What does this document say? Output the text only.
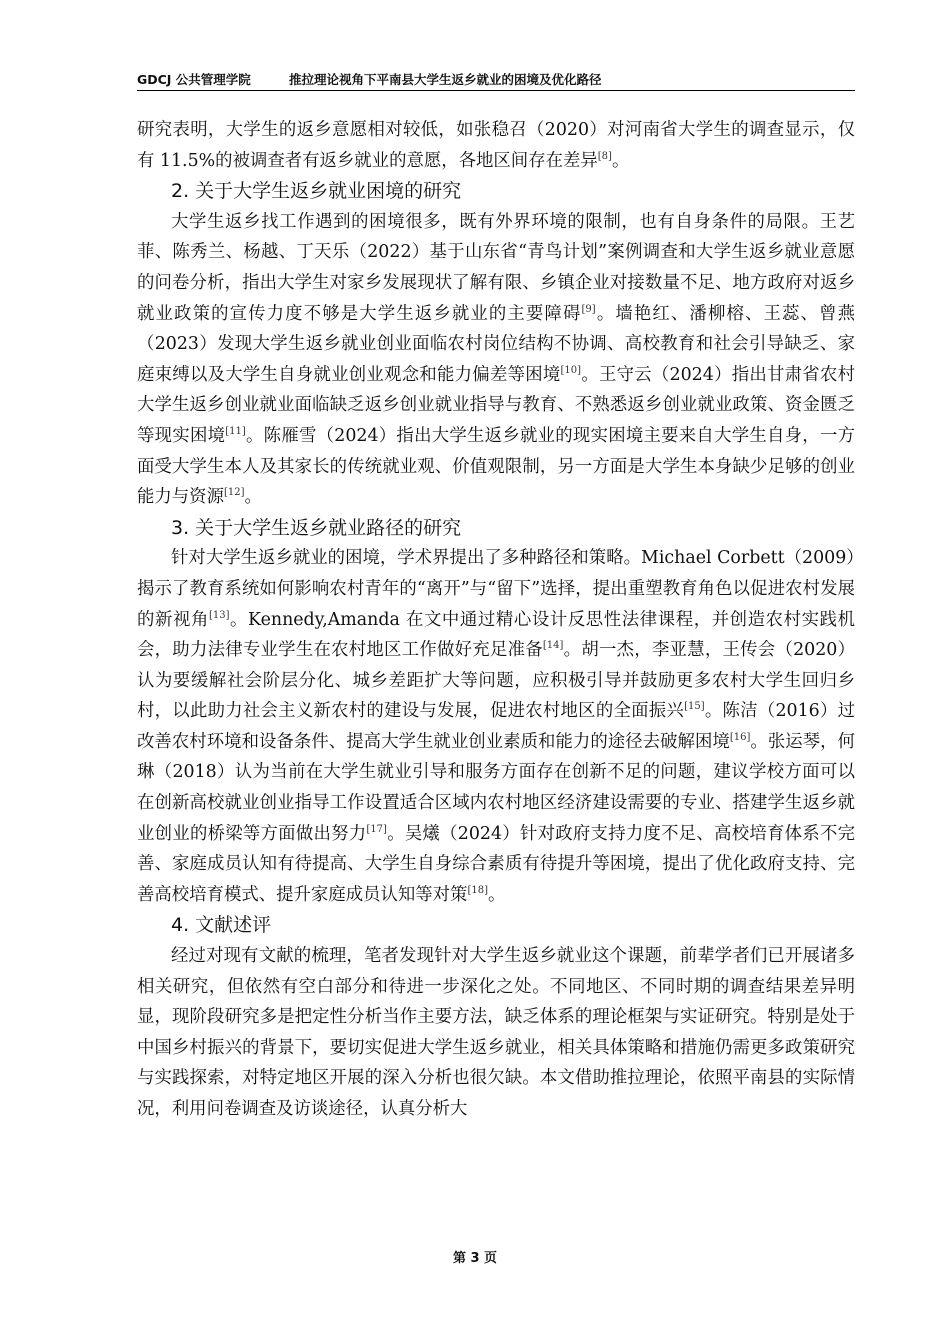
GDCJ 公共管理学院	推拉理论视角下平南县大学生返乡就业的困境及优化路径

研究表明，大学生的返乡意愿相对较低，如张稳召（2020）对河南省大学生的调查显示，仅有 11.5%的被调查者有返乡就业的意愿，各地区间存在差异[8]。

2. 关于大学生返乡就业困境的研究

大学生返乡找工作遇到的困境很多，既有外界环境的限制，也有自身条件的局限。王艺菲、陈秀兰、杨越、丁天乐（2022）基于山东省“青鸟计划”案例调查和大学生返乡就业意愿的问卷分析，指出大学生对家乡发展现状了解有限、乡镇企业对接数量不足、地方政府对返乡就业政策的宣传力度不够是大学生返乡就业的主要障碍[9]。墙艳红、潘柳榕、王蕊、曾燕（2023）发现大学生返乡就业创业面临农村岗位结构不协调、高校教育和社会引导缺乏、家庭束缚以及大学生自身就业创业观念和能力偏差等困境[10]。王守云（2024）指出甘肃省农村大学生返乡创业就业面临缺乏返乡创业就业指导与教育、不熟悉返乡创业就业政策、资金匮乏等现实困境[11]。陈雁雪（2024）指出大学生返乡就业的现实困境主要来自大学生自身，一方面受大学生本人及其家长的传统就业观、价值观限制，另一方面是大学生本身缺少足够的创业能力与资源[12]。

3. 关于大学生返乡就业路径的研究

针对大学生返乡就业的困境，学术界提出了多种路径和策略。Michael Corbett（2009）揭示了教育系统如何影响农村青年的“离开”与“留下”选择，提出重塑教育角色以促进农村发展的新视角[13]。Kennedy,Amanda 在文中通过精心设计反思性法律课程，并创造农村实践机会，助力法律专业学生在农村地区工作做好充足准备[14]。胡一杰，李亚慧，王传会（2020）认为要缓解社会阶层分化、城乡差距扩大等问题，应积极引导并鼓励更多农村大学生回归乡村，以此助力社会主义新农村的建设与发展，促进农村地区的全面振兴[15]。陈洁（2016）过改善农村环境和设备条件、提高大学生就业创业素质和能力的途径去破解困境[16]。张运琴，何琳（2018）认为当前在大学生就业引导和服务方面存在创新不足的问题，建议学校方面可以在创新高校就业创业指导工作设置适合区域内农村地区经济建设需要的专业、搭建学生返乡就业创业的桥梁等方面做出努力[17]。吴爔（2024）针对政府支持力度不足、高校培育体系不完善、家庭成员认知有待提高、大学生自身综合素质有待提升等困境，提出了优化政府支持、完善高校培育模式、提升家庭成员认知等对策[18]。

4. 文献述评

经过对现有文献的梳理，笔者发现针对大学生返乡就业这个课题，前辈学者们已开展诸多相关研究，但依然有空白部分和待进一步深化之处。不同地区、不同时期的调查结果差异明显，现阶段研究多是把定性分析当作主要方法，缺乏体系的理论框架与实证研究。特别是处于中国乡村振兴的背景下，要切实促进大学生返乡就业，相关具体策略和措施仍需更多政策研究与实践探索，对特定地区开展的深入分析也很欠缺。本文借助推拉理论，依照平南县的实际情况，利用问卷调查及访谈途径，认真分析大

第 3 页
